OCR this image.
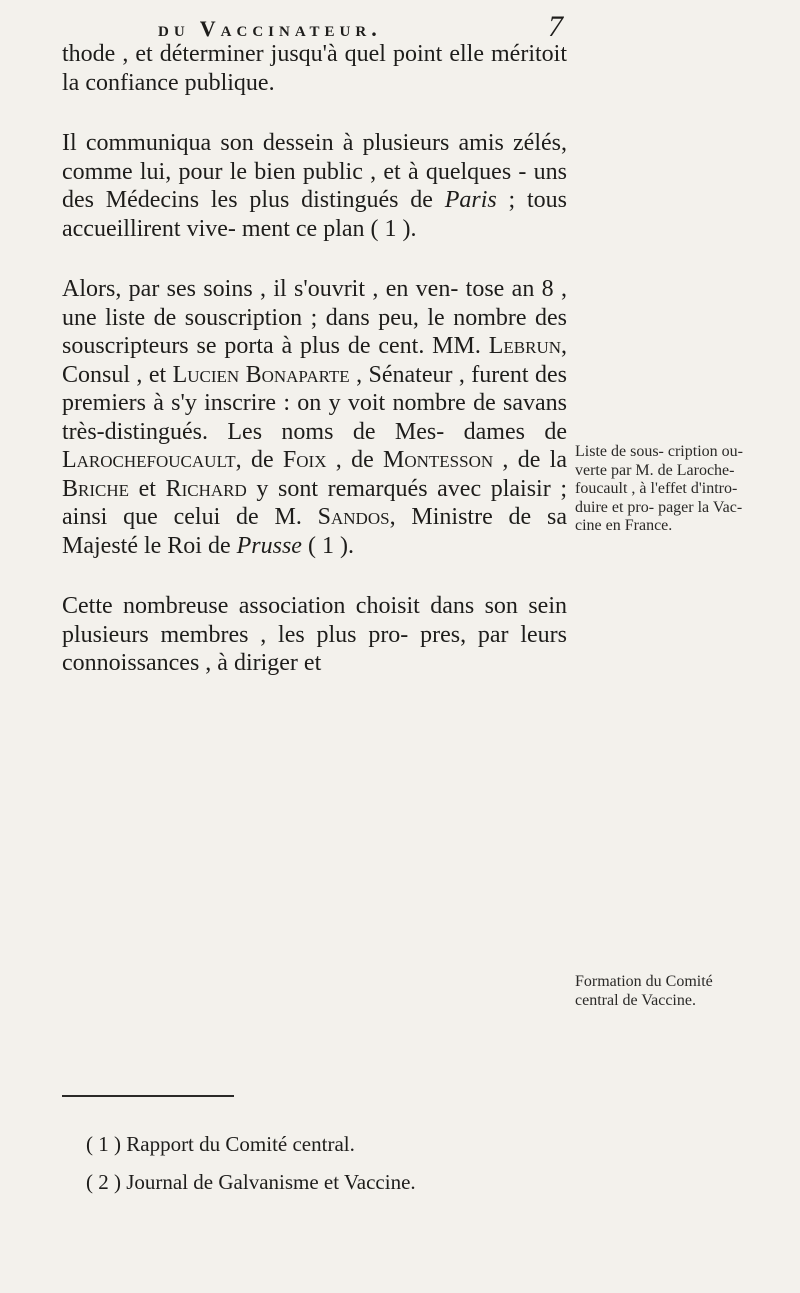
du Vaccinateur.	7

thode , et déterminer jusqu'à quel point elle méritoit la confiance publique.

Il communiqua son dessein à plusieurs amis zélés, comme lui, pour le bien public , et à quelques - uns des Médecins les plus distingués de Paris ; tous accueillirent vive- ment ce plan ( 1 ).

Alors, par ses soins , il s'ouvrit , en ven- tose an 8 , une liste de souscription ; dans peu, le nombre des souscripteurs se porta à plus de cent. MM. Lebrun, Consul , et Lucien Bonaparte , Sénateur , furent des premiers à s'y inscrire : on y voit nombre de savans très-distingués. Les noms de Mes- dames de Larochefoucault, de Foix , de Montesson , de la Briche et Richard y sont remarqués avec plaisir ; ainsi que celui de M. Sandos, Ministre de sa Majesté le Roi de Prusse ( 1 ).

Cette nombreuse association choisit dans son sein plusieurs membres , les plus pro- pres, par leurs connoissances , à diriger et

Liste de sous- cription ou- verte par M. de Laroche- foucault , à l'effet d'intro- duire et pro- pager la Vac- cine en France.
Formation du Comité central de Vaccine.

( 1 ) Rapport du Comité central.

( 2 ) Journal de Galvanisme et Vaccine.
